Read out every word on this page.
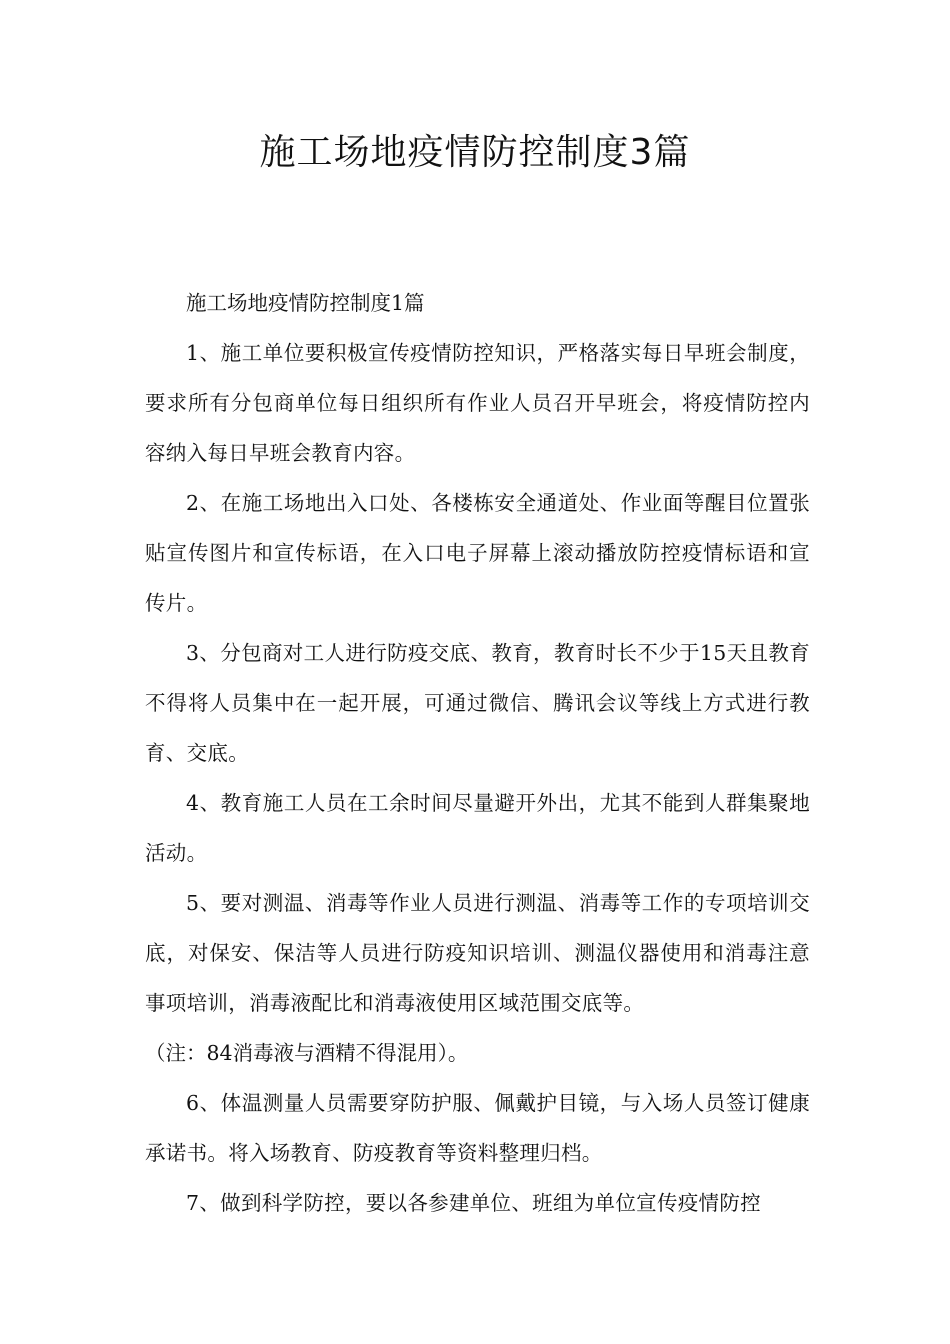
施工场地疫情防控制度3篇

施工场地疫情防控制度1篇

1、施工单位要积极宣传疫情防控知识，严格落实每日早班会制度，要求所有分包商单位每日组织所有作业人员召开早班会，将疫情防控内容纳入每日早班会教育内容。

2、在施工场地出入口处、各楼栋安全通道处、作业面等醒目位置张贴宣传图片和宣传标语，在入口电子屏幕上滚动播放防控疫情标语和宣传片。

3、分包商对工人进行防疫交底、教育，教育时长不少于15天且教育不得将人员集中在一起开展，可通过微信、腾讯会议等线上方式进行教育、交底。

4、教育施工人员在工余时间尽量避开外出，尤其不能到人群集聚地活动。

5、要对测温、消毒等作业人员进行测温、消毒等工作的专项培训交底，对保安、保洁等人员进行防疫知识培训、测温仪器使用和消毒注意事项培训，消毒液配比和消毒液使用区域范围交底等。

（注：84消毒液与酒精不得混用）。

6、体温测量人员需要穿防护服、佩戴护目镜，与入场人员签订健康承诺书。将入场教育、防疫教育等资料整理归档。

7、做到科学防控，要以各参建单位、班组为单位宣传疫情防控
